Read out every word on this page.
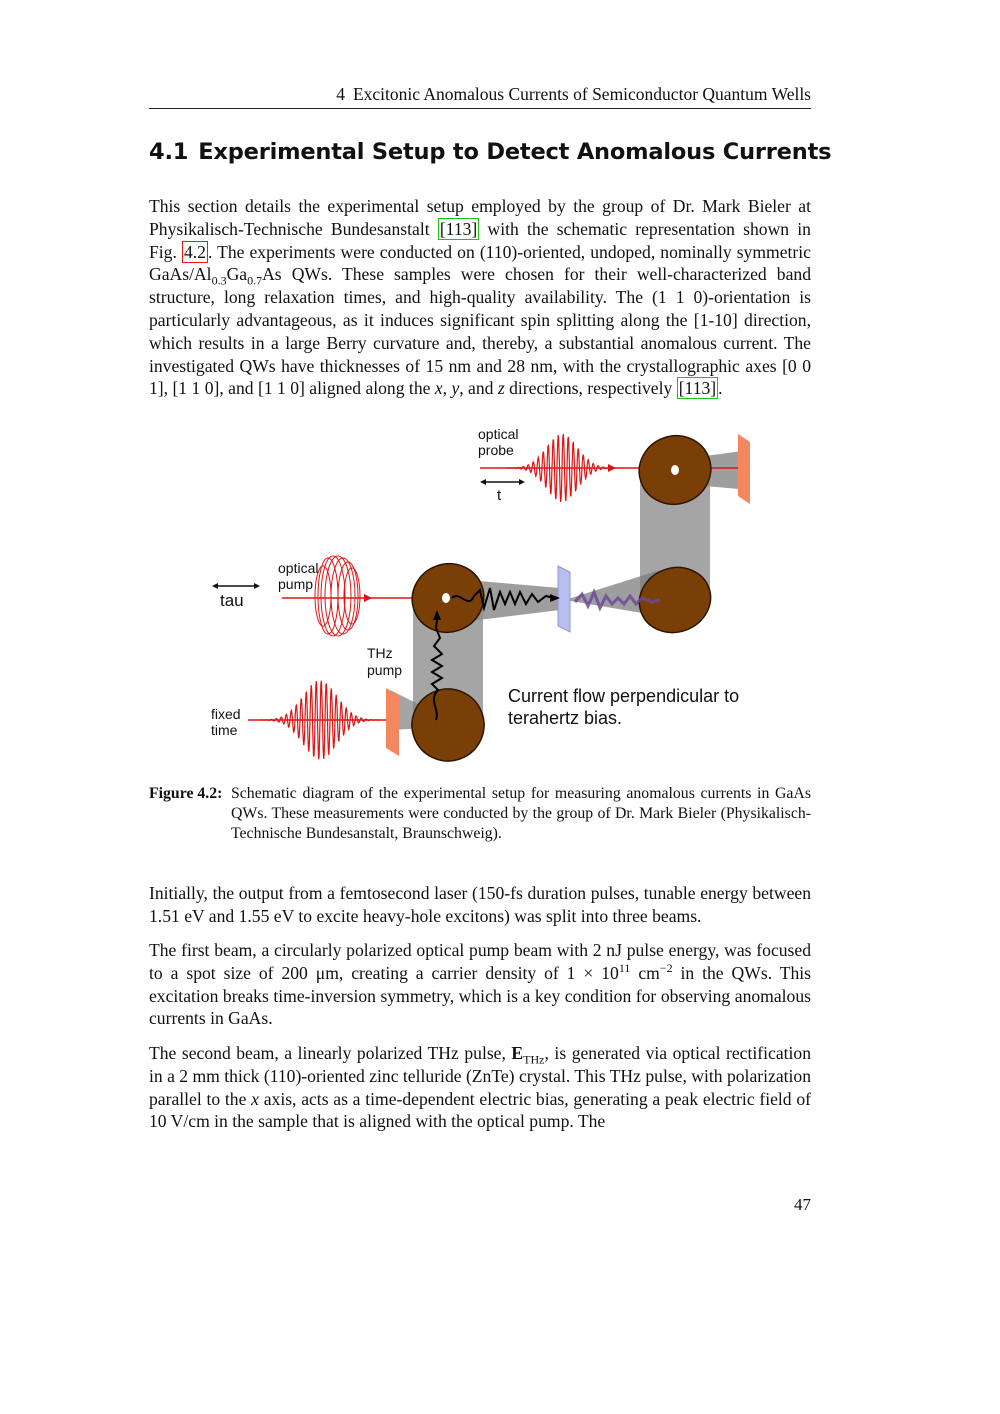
4 Excitonic Anomalous Currents of Semiconductor Quantum Wells
4.1 Experimental Setup to Detect Anomalous Currents
This section details the experimental setup employed by the group of Dr. Mark Bieler at Physikalisch-Technische Bundesanstalt [113] with the schematic representation shown in Fig. 4.2 . The experiments were conducted on (110)-oriented, undoped, nominally symmetric GaAs/$Al_{0.3}Ga_{0.7}As$ QWs. These samples were chosen for their well-characterized band structure, long relaxation times, and high-quality availability. The (1 1 0)-orientation is particularly advantageous, as it induces significant spin splitting along the [1-10] direction, which results in a large Berry curvature and, thereby, a substantial anomalous current. The investigated QWs have thicknesses of 15 nm and 28 nm, with the crystallographic axes [0 0 1], [1 1 0], and [1 1 0] aligned along the x, y, and z directions, respectively [113] .
optical
probe
t
tau
optical
pump
THz
pump
fixed
time
Current flow perpendicular to
terahertz bias.
Figure 4.2: Schematic diagram of the experimental setup for measuring anomalous currents in GaAs QWs. These measurements were conducted by the group of Dr. Mark Bieler (Physikalisch-Technische Bundesanstalt, Braunschweig).
Initially, the output from a femtosecond laser (150-fs duration pulses, tunable energy between 1.51 eV and 1.55 eV to excite heavy-hole excitons) was split into three beams.
The first beam, a circularly polarized optical pump beam with 2 nJ pulse energy, was focused to a spot size of 200 μm, creating a carrier density of $1 \times 10^{11}$ $cm^{-2}$ in the QWs. This excitation breaks time-inversion symmetry, which is a key condition for observing anomalous currents in GaAs.
The second beam, a linearly polarized THz pulse, $E_{THz}$, is generated via optical rectification in a 2 mm thick (110)-oriented zinc telluride (ZnTe) crystal. This THz pulse, with polarization parallel to the x axis, acts as a time-dependent electric bias, generating a peak electric field of 10 V/cm in the sample that is aligned with the optical pump. The
47
